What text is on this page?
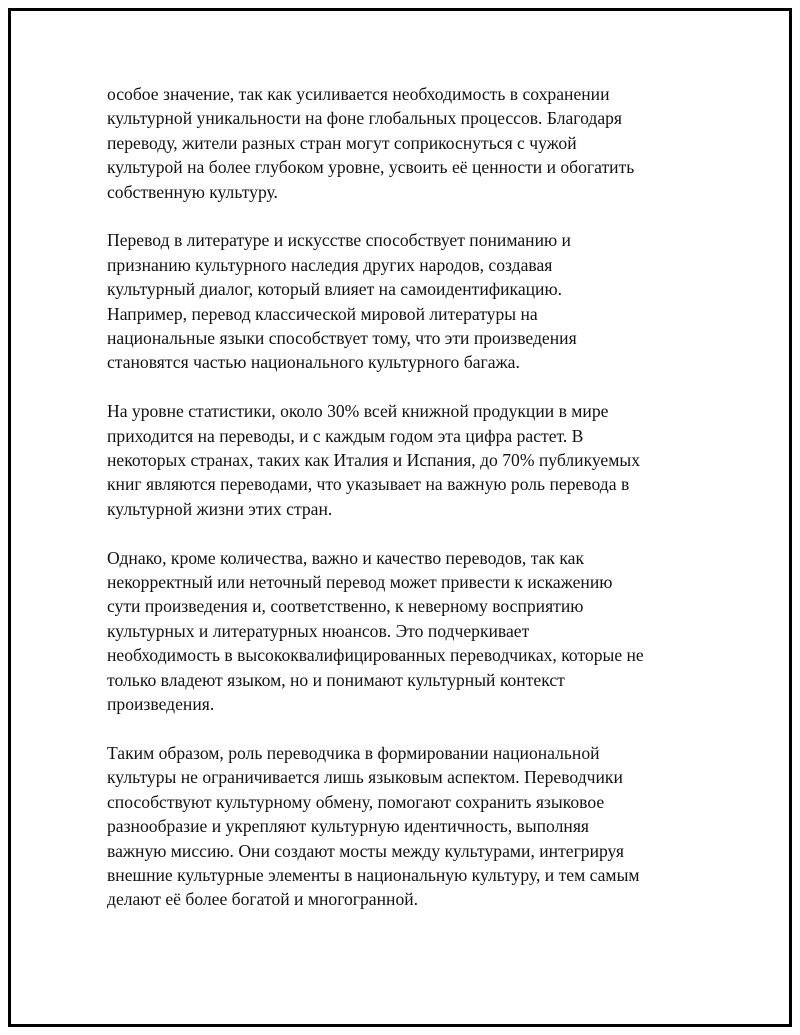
особое значение, так как усиливается необходимость в сохранении
культурной уникальности на фоне глобальных процессов. Благодаря
переводу, жители разных стран могут соприкоснуться с чужой
культурой на более глубоком уровне, усвоить её ценности и обогатить
собственную культуру.
Перевод в литературе и искусстве способствует пониманию и
признанию культурного наследия других народов, создавая
культурный диалог, который влияет на самоидентификацию.
Например, перевод классической мировой литературы на
национальные языки способствует тому, что эти произведения
становятся частью национального культурного багажа.
На уровне статистики, около 30% всей книжной продукции в мире
приходится на переводы, и с каждым годом эта цифра растет. В
некоторых странах, таких как Италия и Испания, до 70% публикуемых
книг являются переводами, что указывает на важную роль перевода в
культурной жизни этих стран.
Однако, кроме количества, важно и качество переводов, так как
некорректный или неточный перевод может привести к искажению
сути произведения и, соответственно, к неверному восприятию
культурных и литературных нюансов. Это подчеркивает
необходимость в высококвалифицированных переводчиках, которые не
только владеют языком, но и понимают культурный контекст
произведения.
Таким образом, роль переводчика в формировании национальной
культуры не ограничивается лишь языковым аспектом. Переводчики
способствуют культурному обмену, помогают сохранить языковое
разнообразие и укрепляют культурную идентичность, выполняя
важную миссию. Они создают мосты между культурами, интегрируя
внешние культурные элементы в национальную культуру, и тем самым
делают её более богатой и многогранной.
